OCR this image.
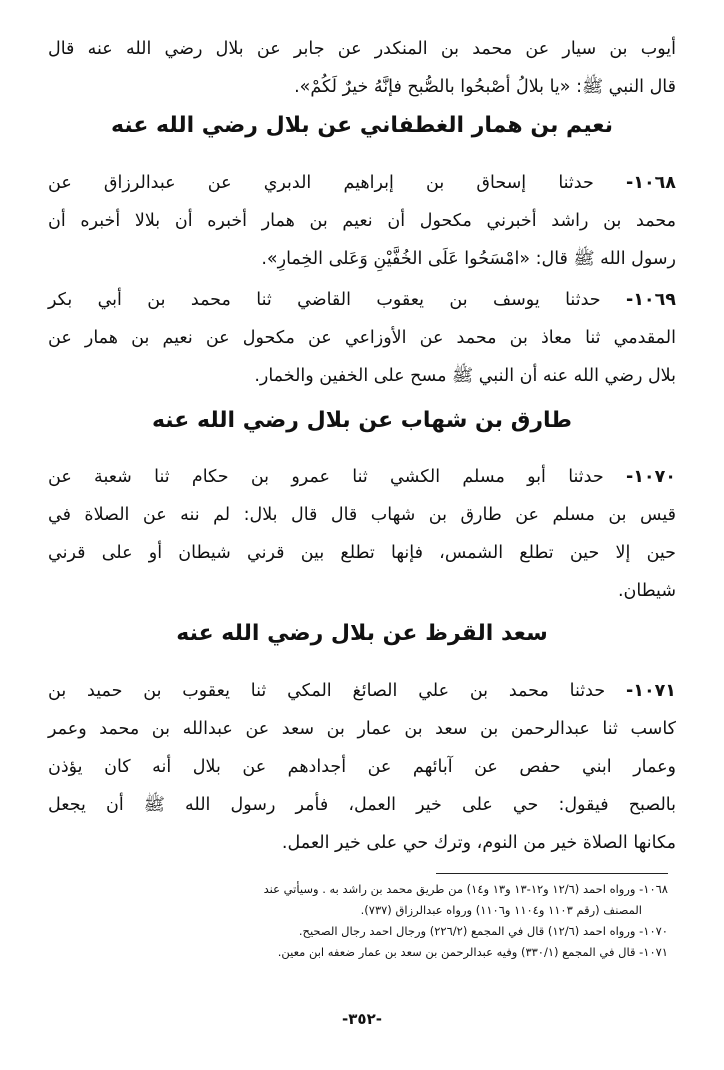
أيوب بن سيار عن محمد بن المنكدر عن جابر عن بلال رضي الله عنه قال
قال النبي ﷺ: «يا بلالُ أصْبحُوا بالصُّبح فإنَّهُ خيرٌ لَكُمْ».
نعيم بن همار الغطفاني عن بلال رضي الله عنه
١٠٦٨- حدثنا إسحاق بن إبراهيم الدبري عن عبدالرزاق عن
محمد بن راشد أخبرني مكحول أن نعيم بن همار أخبره أن بلالا أخبره أن
رسول الله ﷺ قال: «امْسَحُوا عَلَى الخُفَّيْنِ وَعَلى الخِمارِ».
١٠٦٩- حدثنا يوسف بن يعقوب القاضي ثنا محمد بن أبي بكر
المقدمي ثنا معاذ بن محمد عن الأوزاعي عن مكحول عن نعيم بن همار عن
بلال رضي الله عنه أن النبي ﷺ مسح على الخفين والخمار.
طارق بن شهاب عن بلال رضي الله عنه
١٠٧٠- حدثنا أبو مسلم الكشي ثنا عمرو بن حكام ثنا شعبة عن
قيس بن مسلم عن طارق بن شهاب قال قال بلال: لم ننه عن الصلاة في
حين إلا حين تطلع الشمس، فإنها تطلع بين قرني شيطان أو على قرني
شيطان.
سعد القرظ عن بلال رضي الله عنه
١٠٧١- حدثنا محمد بن علي الصائغ المكي ثنا يعقوب بن حميد بن
كاسب ثنا عبدالرحمن بن سعد بن عمار بن سعد عن عبدالله بن محمد وعمر
وعمار ابني حفص عن آبائهم عن أجدادهم عن بلال أنه كان يؤذن
بالصبح فيقول: حي على خير العمل، فأمر رسول الله ﷺ أن يجعل
مكانها الصلاة خير من النوم، وترك حي على خير العمل.
١٠٦٨- ورواه احمد (١٢/٦ و١٢-١٣ و١٣ و١٤) من طريق محمد بن راشد به . وسيأتي عند
المصنف (رقم ١١٠٣ و١١٠٤ و١١٠٦) ورواه عبدالرزاق (٧٣٧).
١٠٧٠- ورواه احمد (١٢/٦) قال في المجمع (٢٢٦/٢) ورجال احمد رجال الصحيح.
١٠٧١- قال في المجمع (٣٣٠/١) وفيه عبدالرحمن بن سعد بن عمار ضعفه ابن معين.
-٣٥٢-
